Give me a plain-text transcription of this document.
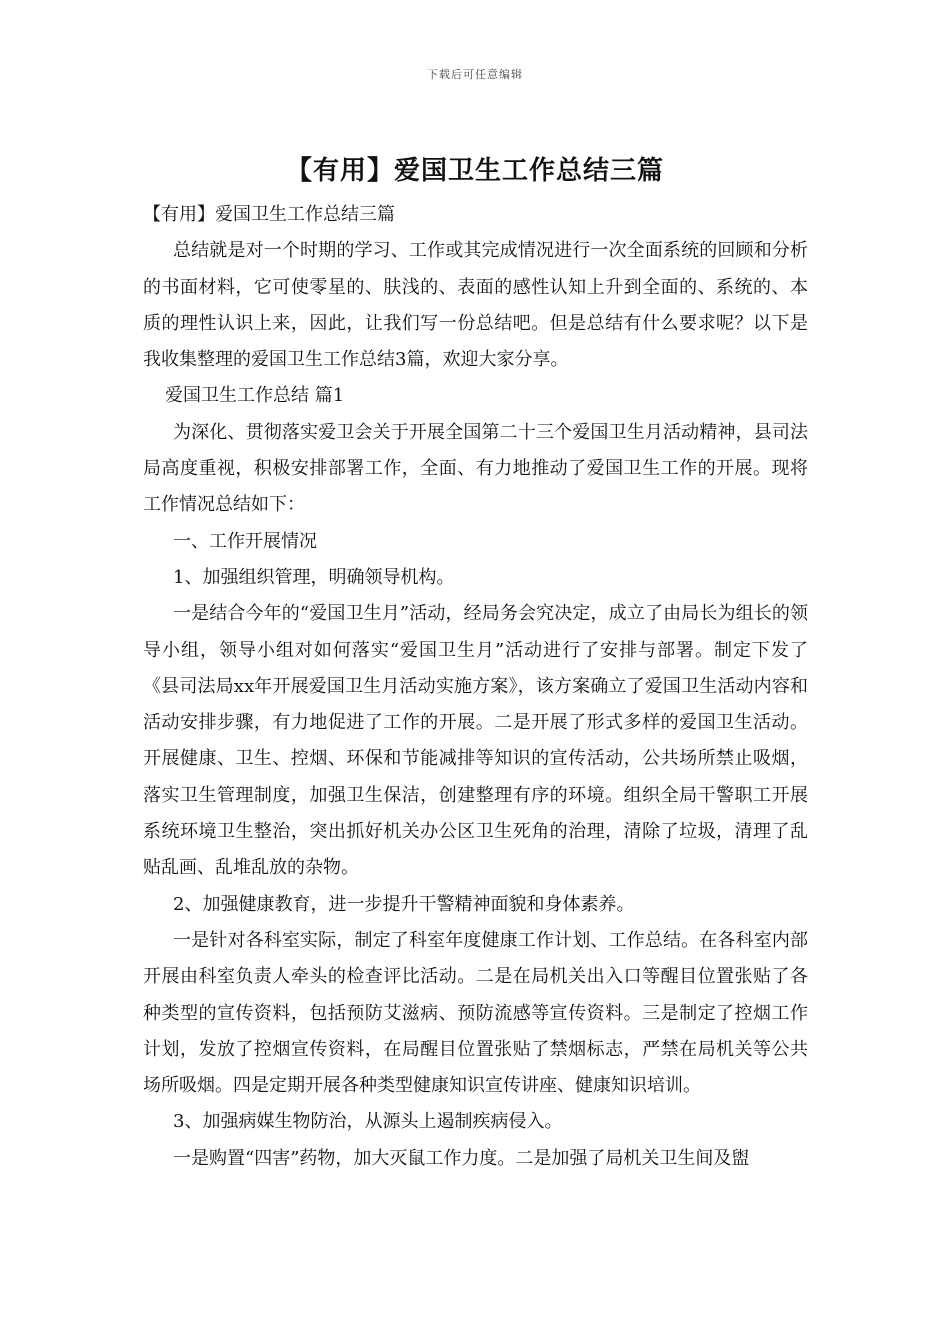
下载后可任意编辑
【有用】爱国卫生工作总结三篇

【有用】爱国卫生工作总结三篇

总结就是对一个时期的学习、工作或其完成情况进行一次全面系统的回顾和分析的书面材料，它可使零星的、肤浅的、表面的感性认知上升到全面的、系统的、本质的理性认识上来，因此，让我们写一份总结吧。但是总结有什么要求呢？以下是我收集整理的爱国卫生工作总结3篇，欢迎大家分享。

爱国卫生工作总结 篇1

为深化、贯彻落实爱卫会关于开展全国第二十三个爱国卫生月活动精神，县司法局高度重视，积极安排部署工作，全面、有力地推动了爱国卫生工作的开展。现将工作情况总结如下：

一、工作开展情况

1、加强组织管理，明确领导机构。

一是结合今年的“爱国卫生月”活动，经局务会究决定，成立了由局长为组长的领导小组，领导小组对如何落实“爱国卫生月”活动进行了安排与部署。制定下发了《县司法局xx年开展爱国卫生月活动实施方案》，该方案确立了爱国卫生活动内容和活动安排步骤，有力地促进了工作的开展。二是开展了形式多样的爱国卫生活动。开展健康、卫生、控烟、环保和节能减排等知识的宣传活动，公共场所禁止吸烟，落实卫生管理制度，加强卫生保洁，创建整理有序的环境。组织全局干警职工开展系统环境卫生整治，突出抓好机关办公区卫生死角的治理，清除了垃圾，清理了乱贴乱画、乱堆乱放的杂物。

2、加强健康教育，进一步提升干警精神面貌和身体素养。

一是针对各科室实际，制定了科室年度健康工作计划、工作总结。在各科室内部开展由科室负责人牵头的检查评比活动。二是在局机关出入口等醒目位置张贴了各种类型的宣传资料，包括预防艾滋病、预防流感等宣传资料。三是制定了控烟工作计划，发放了控烟宣传资料，在局醒目位置张贴了禁烟标志，严禁在局机关等公共场所吸烟。四是定期开展各种类型健康知识宣传讲座、健康知识培训。

3、加强病媒生物防治，从源头上遏制疾病侵入。

一是购置“四害”药物，加大灭鼠工作力度。二是加强了局机关卫生间及盥
